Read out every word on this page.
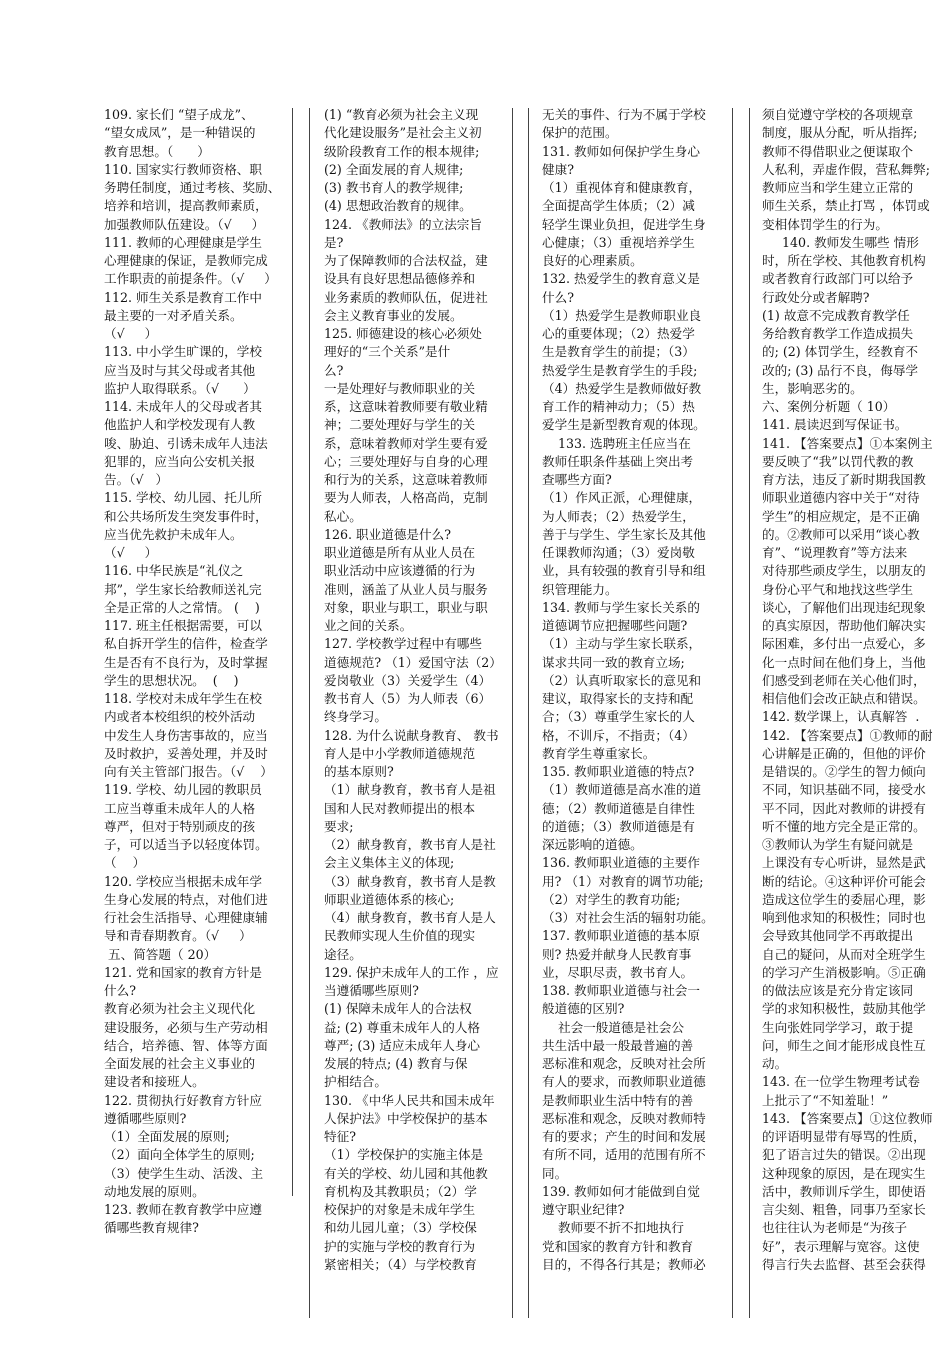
109. 家长们 “望子成龙”、

“望女成凤”，是一种错误的

教育思想。（      ）

110. 国家实行教师资格、职

务聘任制度，通过考核、奖励、

培养和培训，提高教师素质，

加强教师队伍建设。（√     ）

111. 教师的心理健康是学生

心理健康的保证，是教师完成

工作职责的前提条件。（√     ）

112. 师生关系是教育工作中

最主要的一对矛盾关系。

（√     ）

113. 中小学生旷课的，学校

应当及时与其父母或者其他

监护人取得联系。（√      ）

114. 未成年人的父母或者其

他监护人和学校发现有人教

唆、胁迫、引诱未成年人违法

犯罪的，应当向公安机关报

告。（√   ）

115. 学校、幼儿园、托儿所

和公共场所发生突发事件时，

应当优先救护未成年人。

（√     ）

116. 中华民族是“礼仪之

邦”，学生家长给教师送礼完

全是正常的人之常情。 (    )

117. 班主任根据需要，可以

私自拆开学生的信件，检查学

生是否有不良行为，及时掌握

学生的思想状况。  (    )

118. 学校对未成年学生在校

内或者本校组织的校外活动

中发生人身伤害事故的，应当

及时救护，妥善处理，并及时

向有关主管部门报告。（√    ）

119. 学校、幼儿园的教职员

工应当尊重未成年人的人格

尊严，但对于特别顽皮的孩

子，可以适当予以轻度体罚。

（    ）

120. 学校应当根据未成年学

生身心发展的特点，对他们进

行社会生活指导、心理健康辅

导和青春期教育。（√     ）

五、简答题（ 20）

121. 党和国家的教育方针是

什么?

教育必须为社会主义现代化

建设服务，必须与生产劳动相

结合，培养德、智、体等方面

全面发展的社会主义事业的

建设者和接班人。

122. 贯彻执行好教育方针应

遵循哪些原则?

（1）全面发展的原则;

（2）面向全体学生的原则;

（3）使学生生动、活泼、主

动地发展的原则。

123. 教师在教育教学中应遵

循哪些教育规律?

(1) “教育必须为社会主义现

代化建设服务”是社会主义初

级阶段教育工作的根本规律;

(2) 全面发展的育人规律;

(3) 教书育人的教学规律;

(4) 思想政治教育的规律。

124. 《教师法》的立法宗旨

是?

为了保障教师的合法权益，建

设具有良好思想品德修养和

业务素质的教师队伍，促进社

会主义教育事业的发展。

125. 师德建设的核心必须处

理好的“三个关系”是什

么?

一是处理好与教师职业的关

系，这意味着教师要有敬业精

神；二要处理好与学生的关

系，意味着教师对学生要有爱

心；三要处理好与自身的心理

和行为的关系，这意味着教师

要为人师表，人格高尚，克制

私心。

126. 职业道德是什么?

职业道德是所有从业人员在

职业活动中应该遵循的行为

准则，涵盖了从业人员与服务

对象，职业与职工，职业与职

业之间的关系。

127. 学校教学过程中有哪些

道德规范? （1）爱国守法（2）

爱岗敬业（3）关爱学生（4）

教书育人（5）为人师表（6）

终身学习。

128. 为什么说献身教育、 教书

育人是中小学教师道德规范

的基本原则?

（1）献身教育，教书育人是祖

国和人民对教师提出的根本

要求;

（2）献身教育，教书育人是社

会主义集体主义的体现;

（3）献身教育，教书育人是教

师职业道德体系的核心;

（4）献身教育，教书育人是人

民教师实现人生价值的现实

途径。

129. 保护未成年人的工作 ，应

当遵循哪些原则?

(1) 保障未成年人的合法权

益; (2) 尊重未成年人的人格

尊严; (3) 适应未成年人身心

发展的特点; (4) 教育与保

护相结合。

130. 《中华人民共和国未成年

人保护法》中学校保护的基本

特征?

（1）学校保护的实施主体是

有关的学校、幼儿园和其他教

育机构及其教职员；（2）学

校保护的对象是未成年学生

和幼儿园儿童；（3）学校保

护的实施与学校的教育行为

紧密相关；（4）与学校教育

无关的事件、行为不属于学校

保护的范围。

131. 教师如何保护学生身心

健康?

（1）重视体育和健康教育，

全面提高学生体质；（2）减

轻学生课业负担，促进学生身

心健康；（3）重视培养学生

良好的心理素质。

132. 热爱学生的教育意义是

什么?

（1）热爱学生是教师职业良

心的重要体现；（2）热爱学

生是教育学生的前提；（3）

热爱学生是教育学生的手段;

（4）热爱学生是教师做好教

育工作的精神动力；（5）热

爱学生是新型教育观的体现。

133. 选聘班主任应当在

教师任职条件基础上突出考

查哪些方面?

（1）作风正派，心理健康，

为人师表；（2）热爱学生，

善于与学生、学生家长及其他

任课教师沟通；（3）爱岗敬

业，具有较强的教育引导和组

织管理能力。

134. 教师与学生家长关系的

道德调节应把握哪些问题?

（1）主动与学生家长联系，

谋求共同一致的教育立场;

（2）认真听取家长的意见和

建议，取得家长的支持和配

合；（3）尊重学生家长的人

格，不训斥，不指责；（4）

教育学生尊重家长。

135. 教师职业道德的特点?

（1）教师道德是高水准的道

德；（2）教师道德是自律性

的道德；（3）教师道德是有

深远影响的道德。

136. 教师职业道德的主要作

用? （1）对教育的调节功能;

（2）对学生的教育功能;

（3）对社会生活的辐射功能。

137. 教师职业道德的基本原

则? 热爱并献身人民教育事

业，尽职尽责，教书育人。

138. 教师职业道德与社会一

般道德的区别?

社会一般道德是社会公

共生活中最一般最普遍的善

恶标准和观念，反映对社会所

有人的要求，而教师职业道德

是教师职业生活中特有的善

恶标准和观念，反映对教师特

有的要求；产生的时间和发展

有所不同，适用的范围有所不

同。

139. 教师如何才能做到自觉

遵守职业纪律?

教师要不折不扣地执行

党和国家的教育方针和教育

目的，不得各行其是；教师必

须自觉遵守学校的各项规章

制度，服从分配，听从指挥;

教师不得借职业之便谋取个

人私利，弄虚作假，营私舞弊;

教师应当和学生建立正常的

师生关系，禁止打骂 ，体罚或

变相体罚学生的行为。

140. 教师发生哪些 情形

时，所在学校、其他教育机构

或者教育行政部门可以给予

行政处分或者解聘?

(1) 故意不完成教育教学任

务给教育教学工作造成损失

的; (2) 体罚学生，经教育不

改的; (3) 品行不良，侮辱学

生，影响恶劣的。

六、案例分析题（ 10）

141. 晨读迟到写保证书。

141. 【答案要点】①本案例主

要反映了“我”以罚代教的教

育方法，违反了新时期我国教

师职业道德内容中关于“对待

学生”的相应规定，是不正确

的。②教师可以采用“谈心教

育”、“说理教育”等方法来

对待那些顽皮学生，以朋友的

身份心平气和地找这些学生

谈心，了解他们出现违纪现象

的真实原因，帮助他们解决实

际困难，多付出一点爱心，多

化一点时间在他们身上，当他

们感受到老师在关心他们时，

相信他们会改正缺点和错误。

142. 数学课上，认真解答  .

142. 【答案要点】①教师的耐

心讲解是正确的，但他的评价

是错误的。②学生的智力倾向

不同，知识基础不同，接受水

平不同，因此对教师的讲授有

听不懂的地方完全是正常的。

③教师认为学生有疑问就是

上课没有专心听讲，显然是武

断的结论。④这种评价可能会

造成这位学生的委屈心理，影

响到他求知的积极性；同时也

会导致其他同学不再敢提出

自己的疑问，从而对全班学生

的学习产生消极影响。⑤正确

的做法应该是充分肯定该同

学的求知积极性，鼓励其他学

生向张姓同学学习，敢于提

问，师生之间才能形成良性互

动。

143. 在一位学生物理考试卷

上批示了“不知羞耻！”

143. 【答案要点】①这位教师

的评语明显带有辱骂的性质，

犯了语言过失的错误。②出现

这种现象的原因，是在现实生

活中，教师训斥学生，即使语

言尖刻、粗鲁，同事乃至家长

也往往认为老师是“为孩子

好”，表示理解与宽容。这使

得言行失去监督、甚至会获得
